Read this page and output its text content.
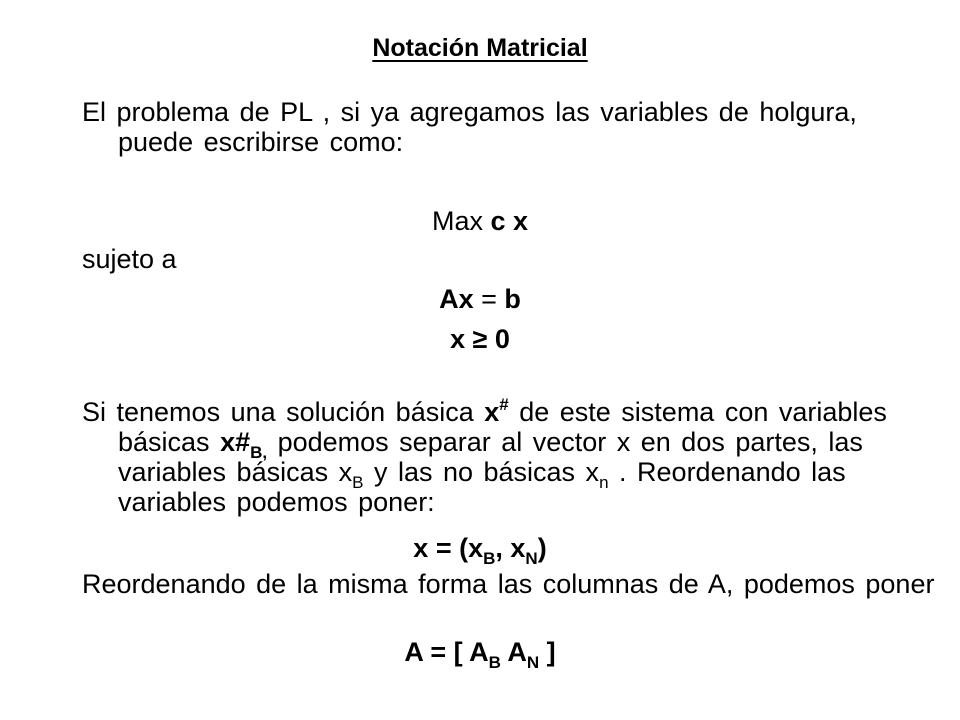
Notación Matricial
El problema de PL , si ya agregamos las variables de holgura, puede escribirse como:
Max c x
sujeto a
Ax = b
x ≥ 0
Si tenemos una solución básica x# de este sistema con variables básicas $x\#_{B,}$ podemos separar al vector x en dos partes, las variables básicas $x_B$ y las no básicas $x_n$ . Reordenando las variables podemos poner:
$x = (x_B$, $x_N$)
Reordenando de la misma forma las columnas de A, podemos poner
A = [ $A_B$ $A_N$ ]
